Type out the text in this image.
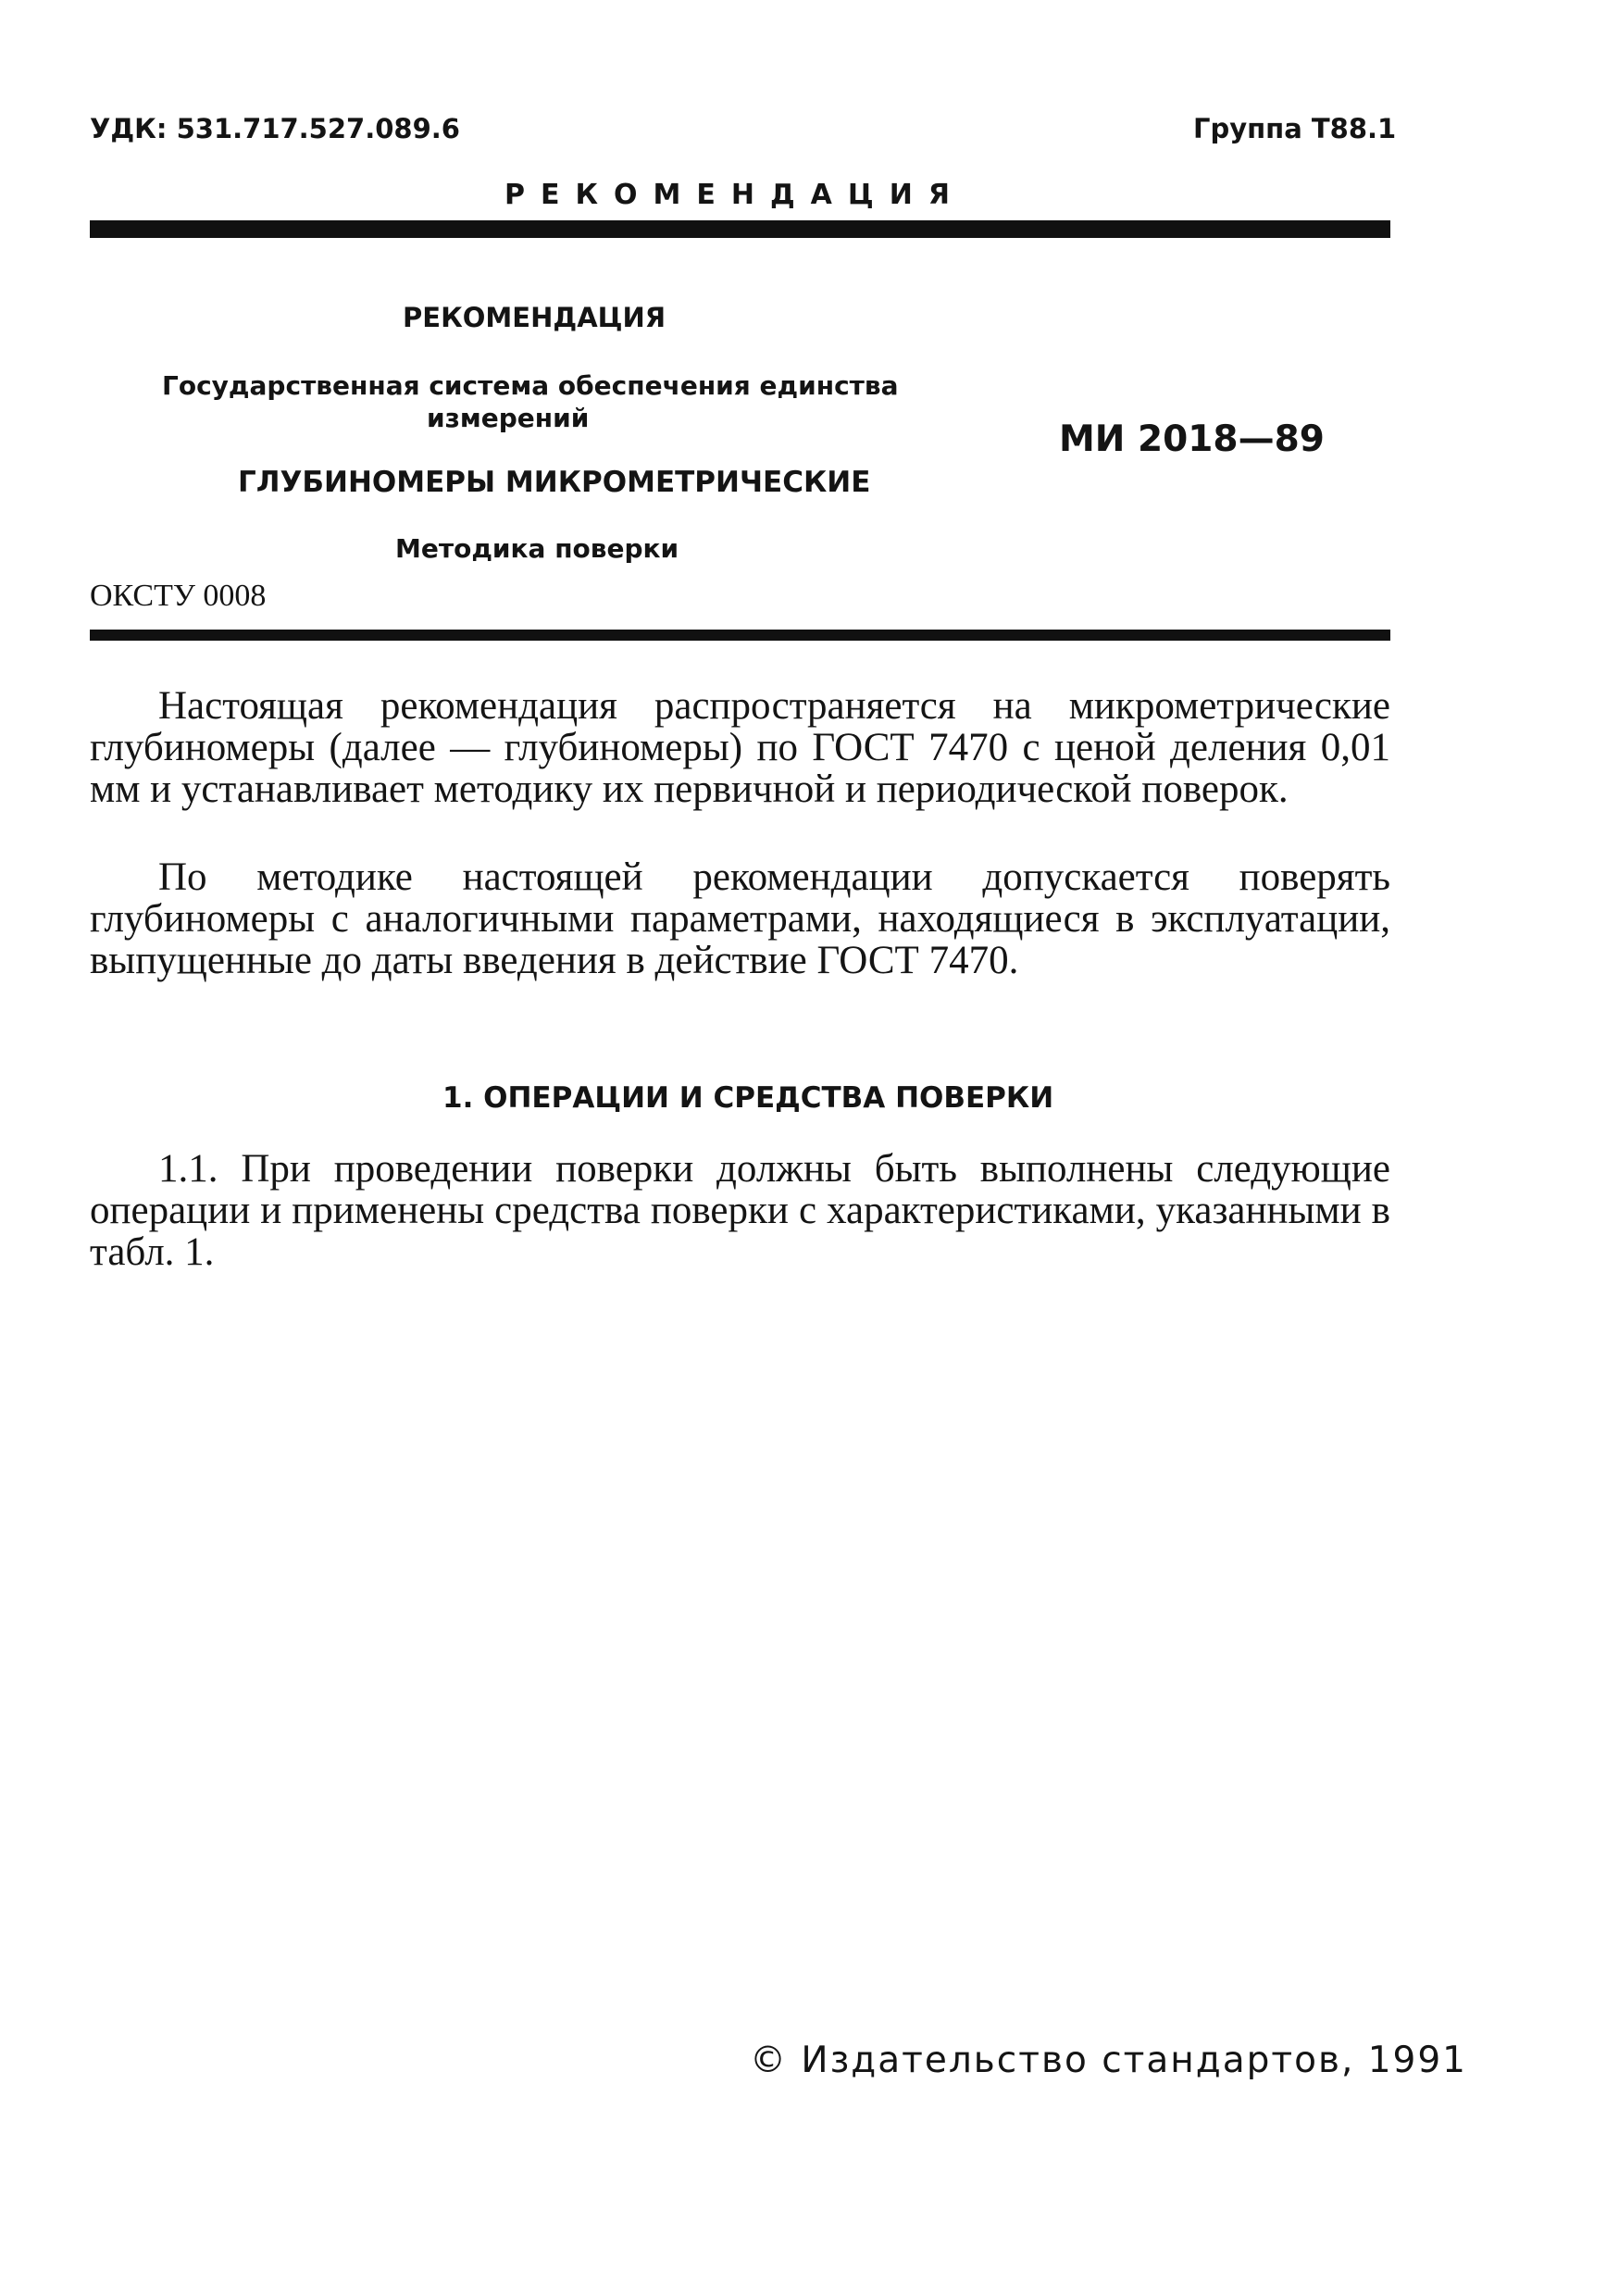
УДК: 531.717.527.089.6	Группа Т88.1
РЕКОМЕНДАЦИЯ
РЕКОМЕНДАЦИЯ
Государственная система обеспечения единства
измерений
МИ 2018—89
ГЛУБИНОМЕРЫ МИКРОМЕТРИЧЕСКИЕ
Методика поверки
ОКСТУ 0008

Настоящая рекомендация распространяется на микрометрические глубиномеры (далее — глубиномеры) по ГОСТ 7470 с ценой деления 0,01 мм и устанавливает методику их первичной и периодической поверок.

По методике настоящей рекомендации допускается поверять глубиномеры с аналогичными параметрами, находящиеся в эксплуатации, выпущенные до даты введения в действие ГОСТ 7470.

1. ОПЕРАЦИИ И СРЕДСТВА ПОВЕРКИ

1.1. При проведении поверки должны быть выполнены следующие операции и применены средства поверки с характеристиками, указанными в табл. 1.

© Издательство стандартов, 1991
